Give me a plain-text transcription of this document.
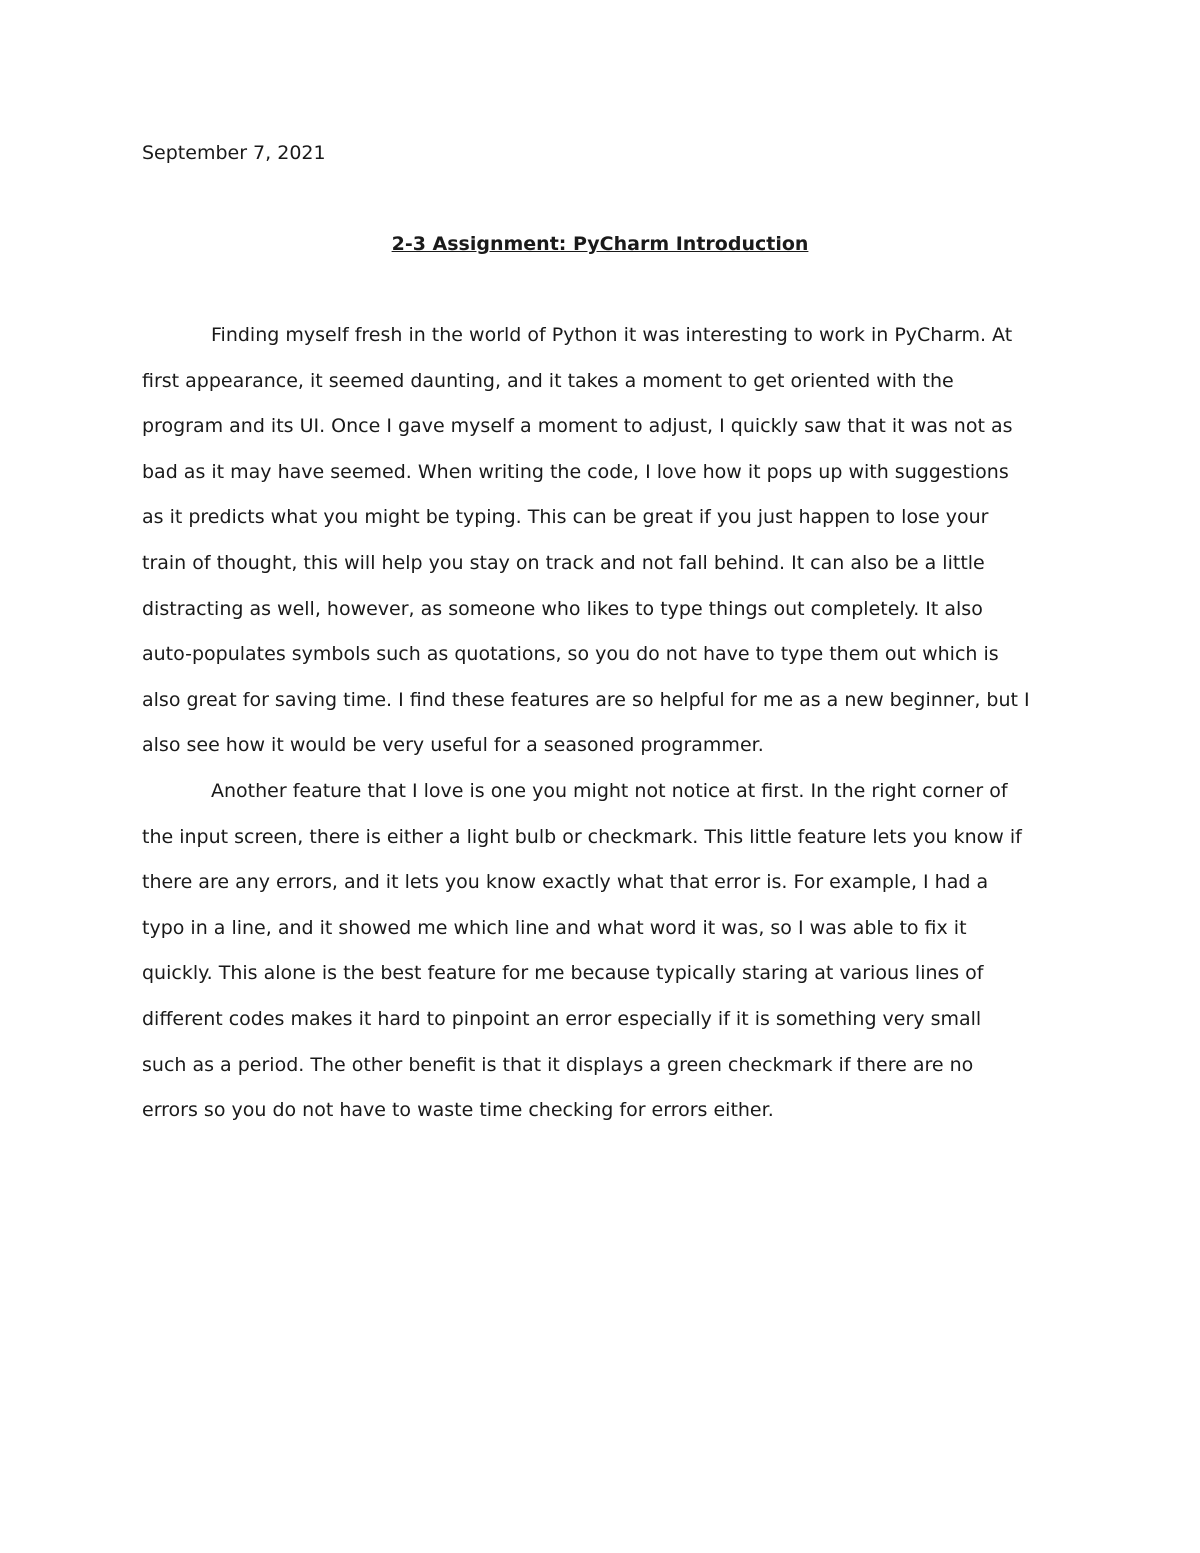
September 7, 2021
2-3 Assignment: PyCharm Introduction
Finding myself fresh in the world of Python it was interesting to work in PyCharm. At
first appearance, it seemed daunting, and it takes a moment to get oriented with the
program and its UI. Once I gave myself a moment to adjust, I quickly saw that it was not as
bad as it may have seemed. When writing the code, I love how it pops up with suggestions
as it predicts what you might be typing. This can be great if you just happen to lose your
train of thought, this will help you stay on track and not fall behind. It can also be a little
distracting as well, however, as someone who likes to type things out completely. It also
auto-populates symbols such as quotations, so you do not have to type them out which is
also great for saving time. I find these features are so helpful for me as a new beginner, but I
also see how it would be very useful for a seasoned programmer.
Another feature that I love is one you might not notice at first. In the right corner of
the input screen, there is either a light bulb or checkmark. This little feature lets you know if
there are any errors, and it lets you know exactly what that error is. For example, I had a
typo in a line, and it showed me which line and what word it was, so I was able to fix it
quickly. This alone is the best feature for me because typically staring at various lines of
different codes makes it hard to pinpoint an error especially if it is something very small
such as a period. The other benefit is that it displays a green checkmark if there are no
errors so you do not have to waste time checking for errors either.
